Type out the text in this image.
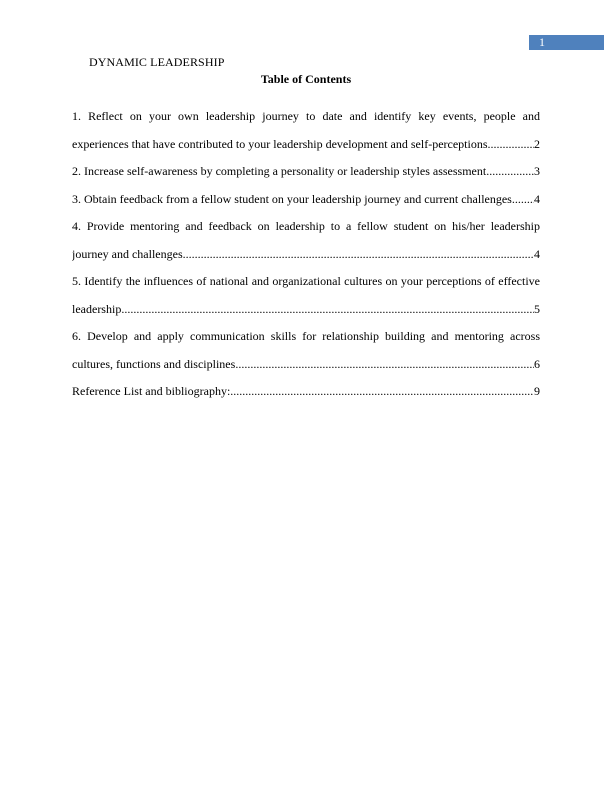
1
DYNAMIC LEADERSHIP
Table of Contents
1. Reflect on your own leadership journey to date and identify key events, people and
experiences that have contributed to your leadership development and self-perceptions .....	2
2. Increase self-awareness by completing a personality or leadership styles assessment .....	3
3. Obtain feedback from a fellow student on your leadership journey and current challenges ..... 4
4. Provide mentoring and feedback on leadership to a fellow student on his/her leadership
journey and challenges .....	4
5. Identify the influences of national and organizational cultures on your perceptions of effective
leadership .....	5
6. Develop and apply communication skills for relationship building and mentoring across
cultures, functions and disciplines .....	6
Reference List and bibliography: .....	9
